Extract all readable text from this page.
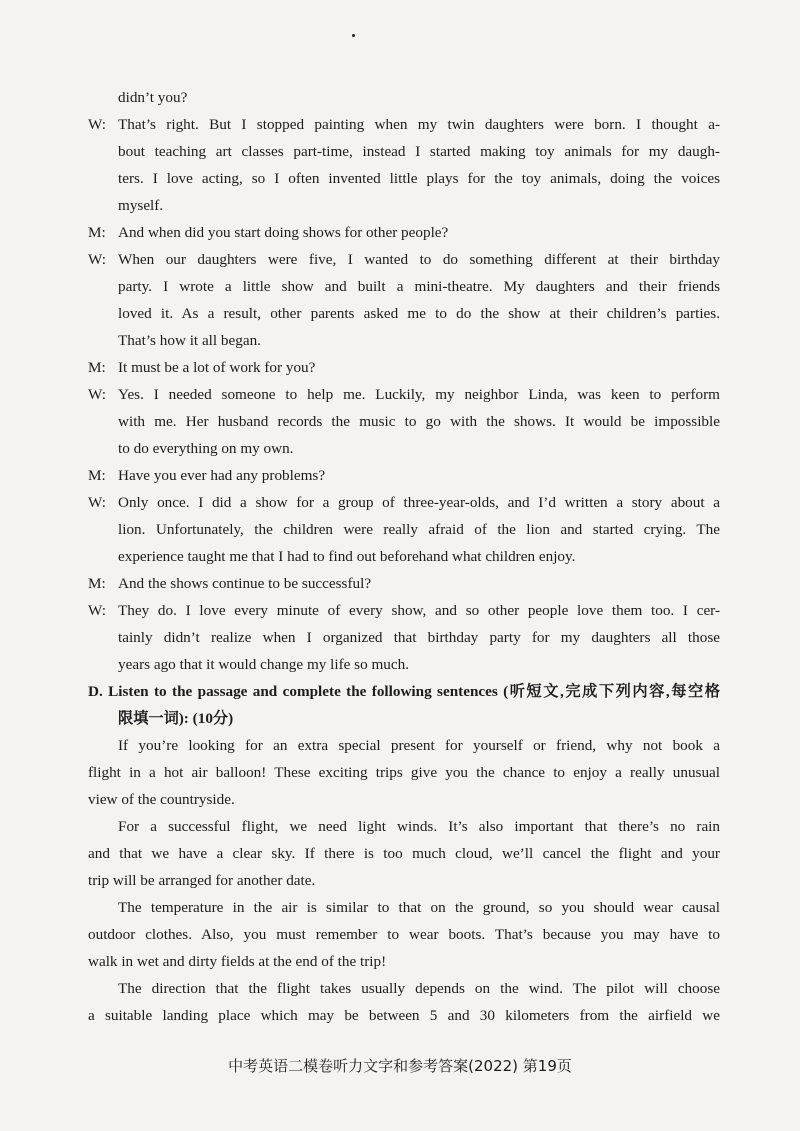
didn’t you?
W: That’s right. But I stopped painting when my twin daughters were born. I thought a-
bout teaching art classes part-time, instead I started making toy animals for my daugh-
ters. I love acting, so I often invented little plays for the toy animals, doing the voices
myself.
M: And when did you start doing shows for other people?
W: When our daughters were five, I wanted to do something different at their birthday
party. I wrote a little show and built a mini-theatre. My daughters and their friends
loved it. As a result, other parents asked me to do the show at their children’s parties.
That’s how it all began.
M: It must be a lot of work for you?
W: Yes. I needed someone to help me. Luckily, my neighbor Linda, was keen to perform
with me. Her husband records the music to go with the shows. It would be impossible
to do everything on my own.
M: Have you ever had any problems?
W: Only once. I did a show for a group of three-year-olds, and I’d written a story about a
lion. Unfortunately, the children were really afraid of the lion and started crying. The
experience taught me that I had to find out beforehand what children enjoy.
M: And the shows continue to be successful?
W: They do. I love every minute of every show, and so other people love them too. I cer-
tainly didn’t realize when I organized that birthday party for my daughters all those
years ago that it would change my life so much.
D. Listen to the passage and complete the following sentences (听短文,完成下列内容,每空格
限填一词): (10分)
If you’re looking for an extra special present for yourself or friend, why not book a
flight in a hot air balloon! These exciting trips give you the chance to enjoy a really unusual
view of the countryside.
For a successful flight, we need light winds. It’s also important that there’s no rain
and that we have a clear sky. If there is too much cloud, we’ll cancel the flight and your
trip will be arranged for another date.
The temperature in the air is similar to that on the ground, so you should wear causal
outdoor clothes. Also, you must remember to wear boots. That’s because you may have to
walk in wet and dirty fields at the end of the trip!
The direction that the flight takes usually depends on the wind. The pilot will choose
a suitable landing place which may be between 5 and 30 kilometers from the airfield we
中考英语二模卷听力文字和参考答案(2022) 第19页
